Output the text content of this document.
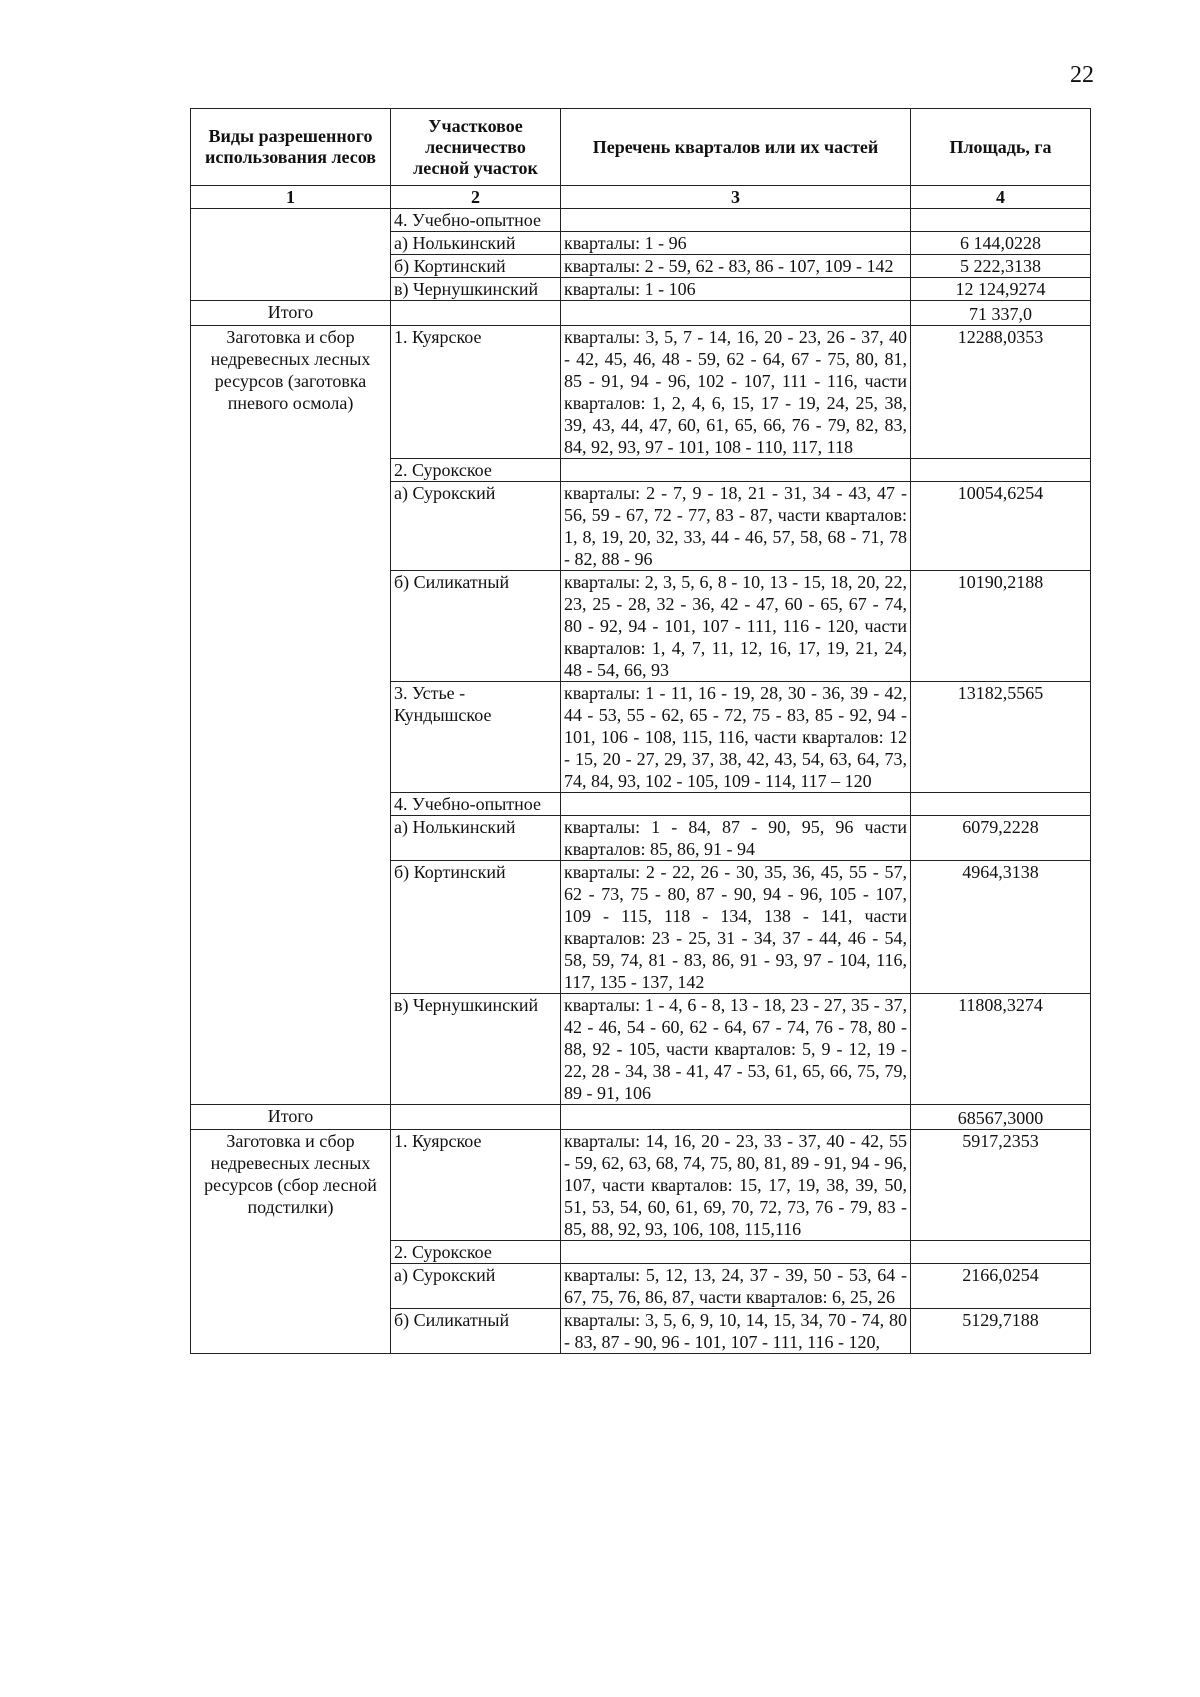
22
Виды разрешенного использования лесов	Участковое лесничество лесной участок	Перечень кварталов или их частей	Площадь, га
1	2	3	4
	4. Учебно-опытное		
	а) Нолькинский	кварталы: 1 - 96	6 144,0228
	б) Кортинский	кварталы: 2 - 59, 62 - 83, 86 - 107, 109 - 142	5 222,3138
	в) Чернушкинский	кварталы: 1 - 106	12 124,9274
Итого			71 337,0
Заготовка и сбор недревесных лесных ресурсов (заготовка пневого осмола)	1. Куярское	кварталы: 3, 5, 7 - 14, 16, 20 - 23, 26 - 37, 40 - 42, 45, 46, 48 - 59, 62 - 64, 67 - 75, 80, 81, 85 - 91, 94 - 96, 102 - 107, 111 - 116, части кварталов: 1, 2, 4, 6, 15, 17 - 19, 24, 25, 38, 39, 43, 44, 47, 60, 61, 65, 66, 76 - 79, 82, 83, 84, 92, 93, 97 - 101, 108 - 110, 117, 118	12288,0353
	2. Сурокское		
	а) Сурокский	кварталы: 2 - 7, 9 - 18, 21 - 31, 34 - 43, 47 - 56, 59 - 67, 72 - 77, 83 - 87, части кварталов: 1, 8, 19, 20, 32, 33, 44 - 46, 57, 58, 68 - 71, 78 - 82, 88 - 96	10054,6254
	б) Силикатный	кварталы: 2, 3, 5, 6, 8 - 10, 13 - 15, 18, 20, 22, 23, 25 - 28, 32 - 36, 42 - 47, 60 - 65, 67 - 74, 80 - 92, 94 - 101, 107 - 111, 116 - 120, части кварталов: 1, 4, 7, 11, 12, 16, 17, 19, 21, 24, 48 - 54, 66, 93	10190,2188
	3. Устье - Кундышское	кварталы: 1 - 11, 16 - 19, 28, 30 - 36, 39 - 42, 44 - 53, 55 - 62, 65 - 72, 75 - 83, 85 - 92, 94 - 101, 106 - 108, 115, 116, части кварталов: 12 - 15, 20 - 27, 29, 37, 38, 42, 43, 54, 63, 64, 73, 74, 84, 93, 102 - 105, 109 - 114, 117 – 120	13182,5565
	4. Учебно-опытное		
	а) Нолькинский	кварталы: 1 - 84, 87 - 90, 95, 96 части кварталов: 85, 86, 91 - 94	6079,2228
	б) Кортинский	кварталы: 2 - 22, 26 - 30, 35, 36, 45, 55 - 57, 62 - 73, 75 - 80, 87 - 90, 94 - 96, 105 - 107, 109 - 115, 118 - 134, 138 - 141, части кварталов: 23 - 25, 31 - 34, 37 - 44, 46 - 54, 58, 59, 74, 81 - 83, 86, 91 - 93, 97 - 104, 116, 117, 135 - 137, 142	4964,3138
	в) Чернушкинский	кварталы: 1 - 4, 6 - 8, 13 - 18, 23 - 27, 35 - 37, 42 - 46, 54 - 60, 62 - 64, 67 - 74, 76 - 78, 80 - 88, 92 - 105, части кварталов: 5, 9 - 12, 19 - 22, 28 - 34, 38 - 41, 47 - 53, 61, 65, 66, 75, 79, 89 - 91, 106	11808,3274
Итого			68567,3000
Заготовка и сбор недревесных лесных ресурсов (сбор лесной подстилки)	1. Куярское	кварталы: 14, 16, 20 - 23, 33 - 37, 40 - 42, 55 - 59, 62, 63, 68, 74, 75, 80, 81, 89 - 91, 94 - 96, 107, части кварталов: 15, 17, 19, 38, 39, 50, 51, 53, 54, 60, 61, 69, 70, 72, 73, 76 - 79, 83 - 85, 88, 92, 93, 106, 108, 115,116	5917,2353
	2. Сурокское		
	а) Сурокский	кварталы: 5, 12, 13, 24, 37 - 39, 50 - 53, 64 - 67, 75, 76, 86, 87, части кварталов: 6, 25, 26	2166,0254
	б) Силикатный	кварталы: 3, 5, 6, 9, 10, 14, 15, 34, 70 - 74, 80 - 83, 87 - 90, 96 - 101, 107 - 111, 116 - 120,	5129,7188
